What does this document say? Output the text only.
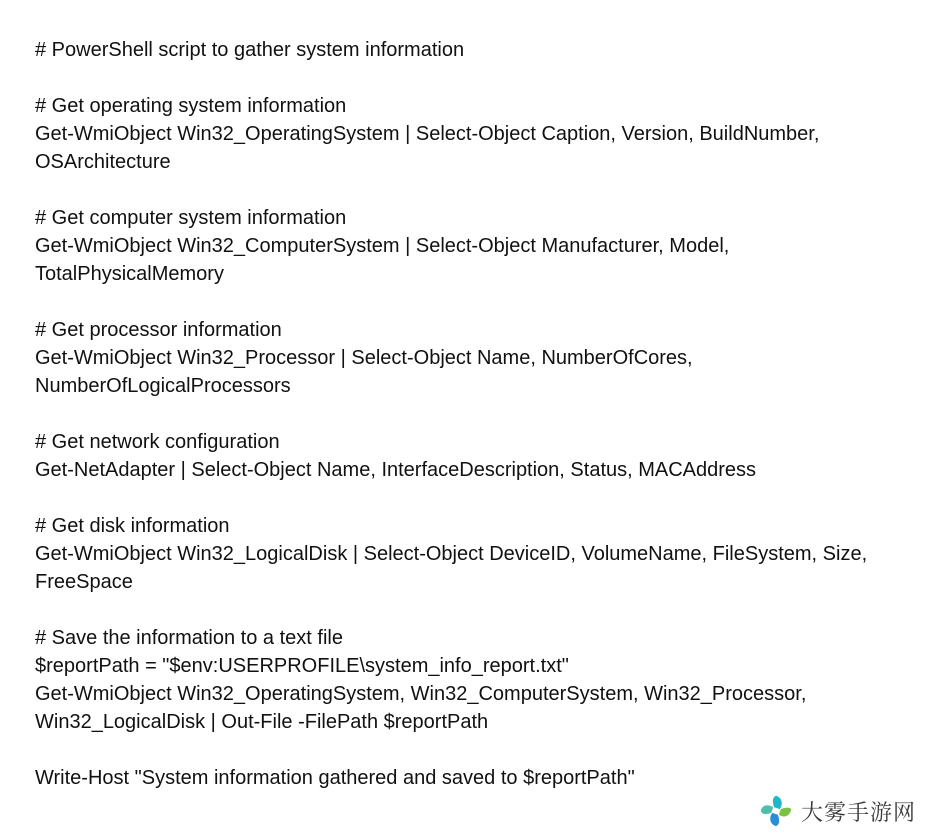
# PowerShell script to gather system information
# Get operating system information
Get-WmiObject Win32_OperatingSystem | Select-Object Caption, Version, BuildNumber,
OSArchitecture
# Get computer system information
Get-WmiObject Win32_ComputerSystem | Select-Object Manufacturer, Model,
TotalPhysicalMemory
# Get processor information
Get-WmiObject Win32_Processor | Select-Object Name, NumberOfCores,
NumberOfLogicalProcessors
# Get network configuration
Get-NetAdapter | Select-Object Name, InterfaceDescription, Status, MACAddress
# Get disk information
Get-WmiObject Win32_LogicalDisk | Select-Object DeviceID, VolumeName, FileSystem, Size,
FreeSpace
# Save the information to a text file
$reportPath = "$env:USERPROFILE\system_info_report.txt"
Get-WmiObject Win32_OperatingSystem, Win32_ComputerSystem, Win32_Processor,
Win32_LogicalDisk | Out-File -FilePath $reportPath
Write-Host "System information gathered and saved to $reportPath"
大雾手游网
